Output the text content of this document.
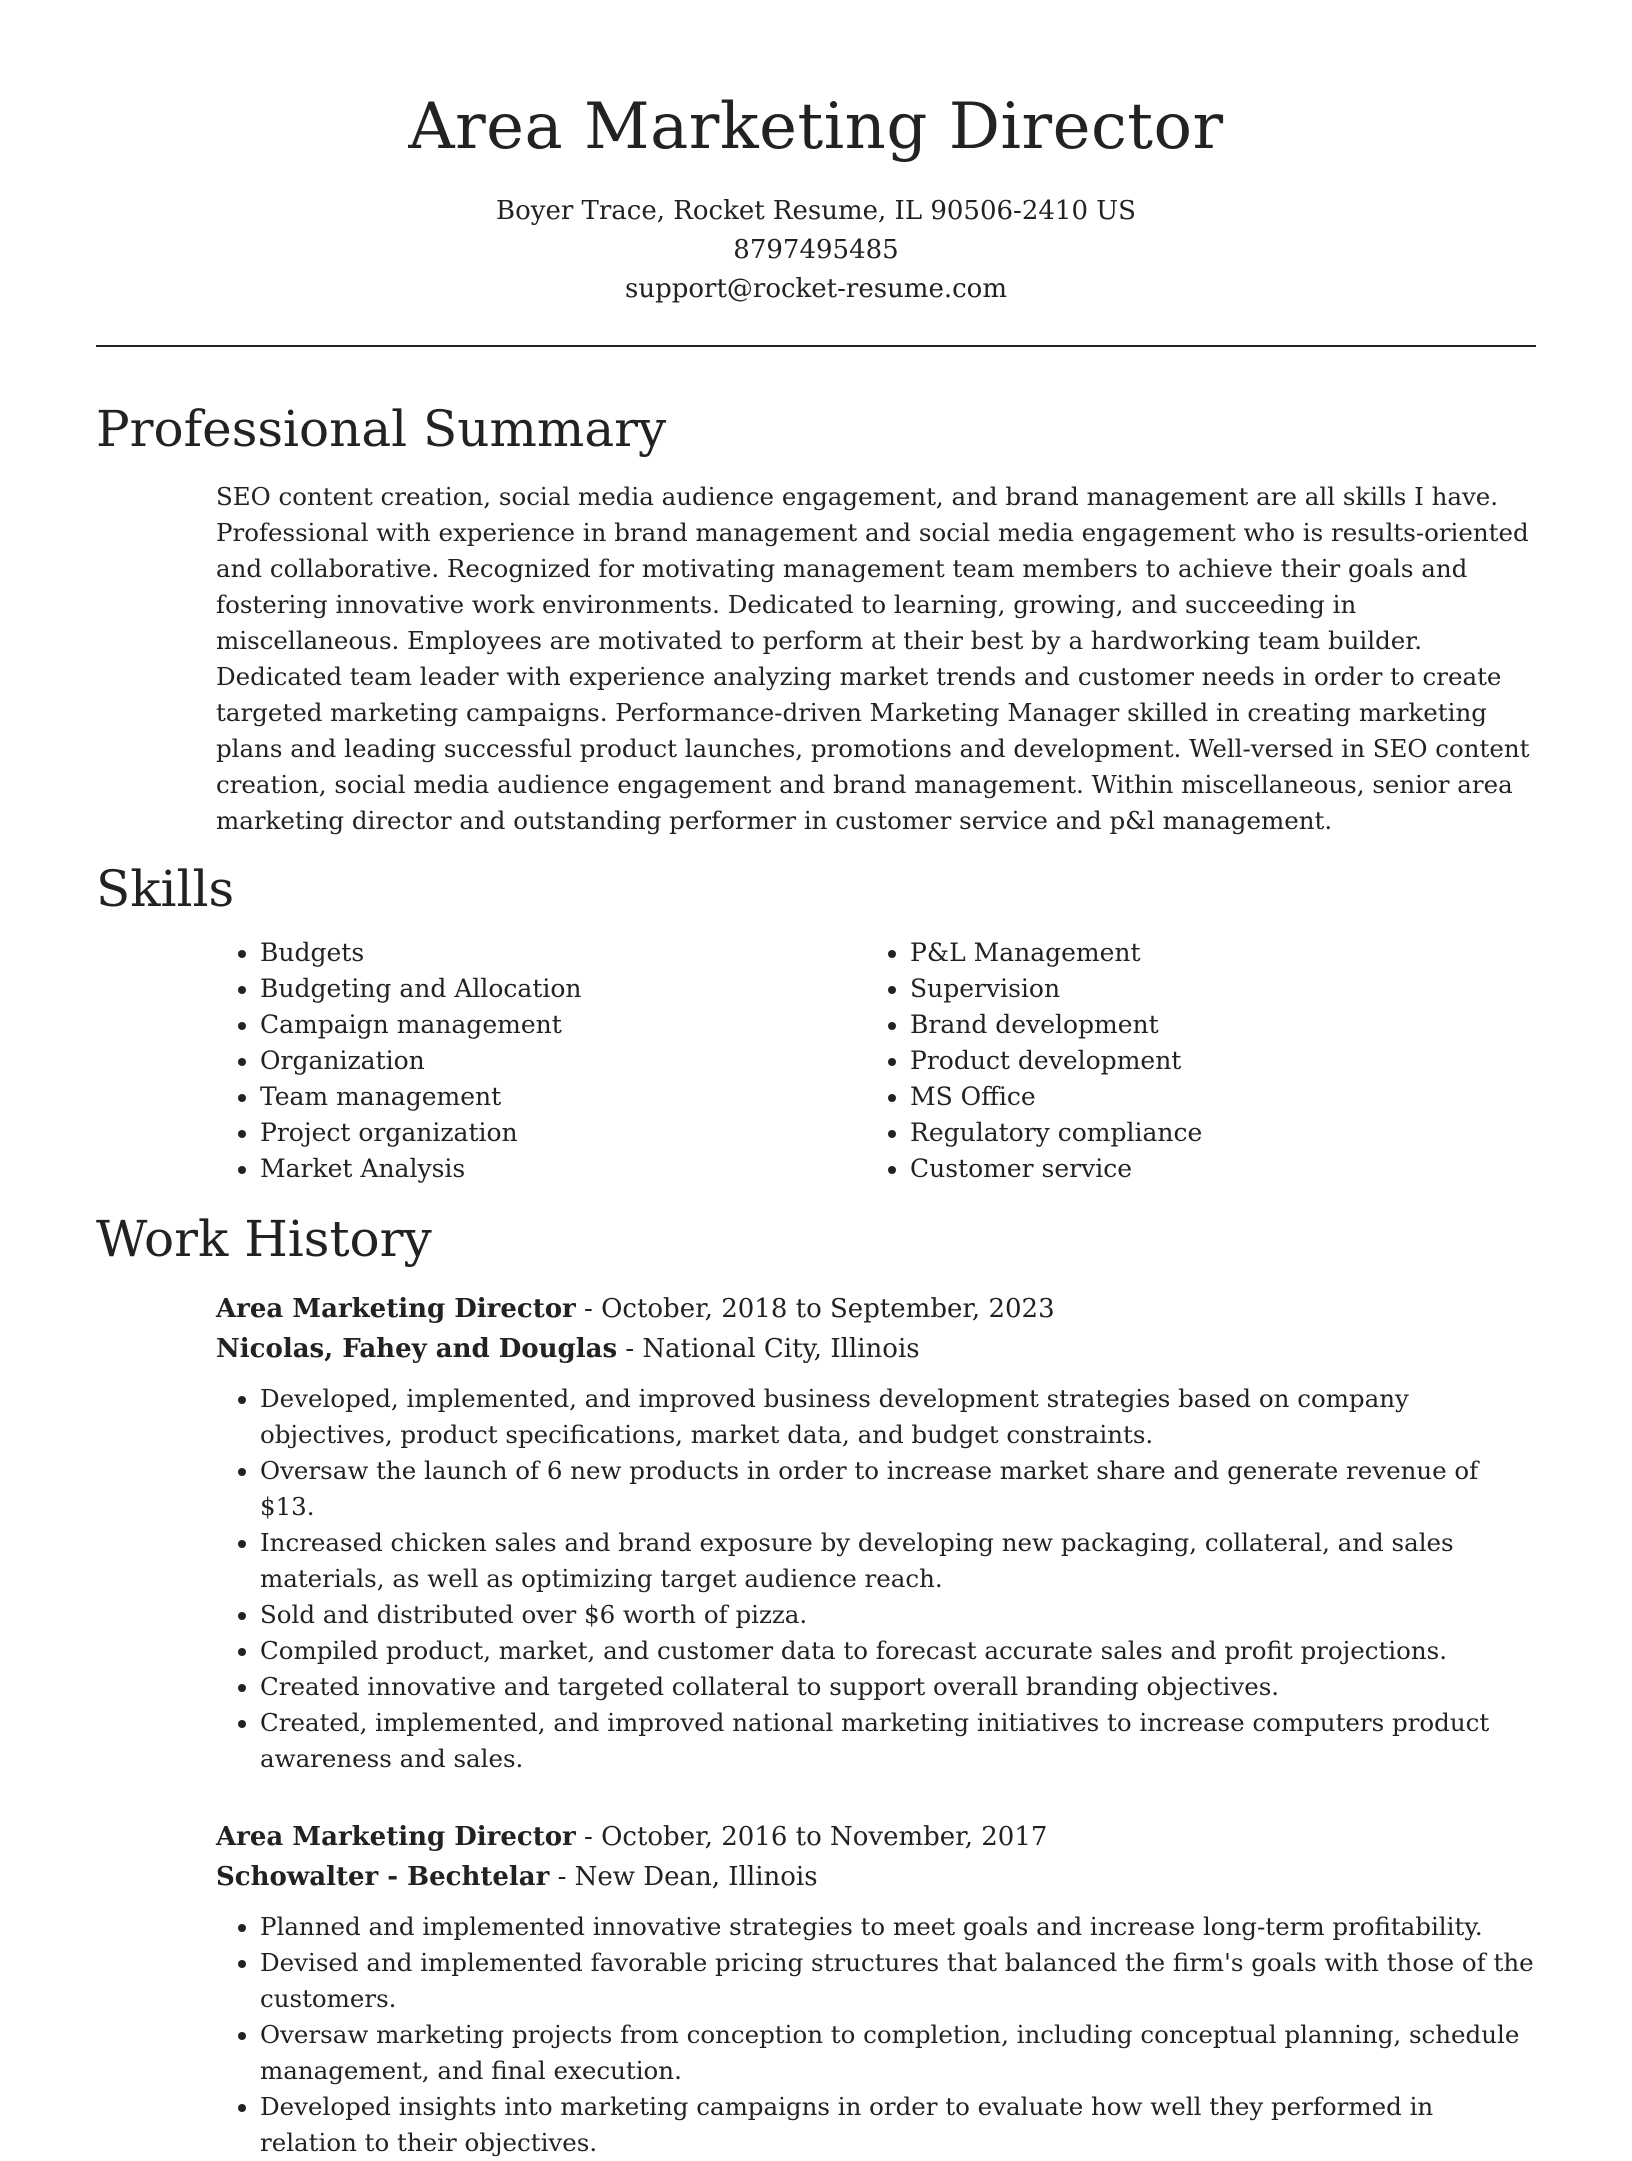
Area Marketing Director
Boyer Trace, Rocket Resume, IL 90506-2410 US
8797495485
support@rocket-resume.com
Professional Summary
SEO content creation, social media audience engagement, and brand management are all skills I have. Professional with experience in brand management and social media engagement who is results-oriented and collaborative. Recognized for motivating management team members to achieve their goals and fostering innovative work environments. Dedicated to learning, growing, and succeeding in miscellaneous. Employees are motivated to perform at their best by a hardworking team builder. Dedicated team leader with experience analyzing market trends and customer needs in order to create targeted marketing campaigns. Performance-driven Marketing Manager skilled in creating marketing plans and leading successful product launches, promotions and development. Well-versed in SEO content creation, social media audience engagement and brand management. Within miscellaneous, senior area marketing director and outstanding performer in customer service and p&l management.
Skills
• Budgets
• Budgeting and Allocation
• Campaign management
• Organization
• Team management
• Project organization
• Market Analysis
• P&L Management
• Supervision
• Brand development
• Product development
• MS Office
• Regulatory compliance
• Customer service
Work History
Area Marketing Director - October, 2018 to September, 2023
Nicolas, Fahey and Douglas - National City, Illinois
• Developed, implemented, and improved business development strategies based on company objectives, product specifications, market data, and budget constraints.
• Oversaw the launch of 6 new products in order to increase market share and generate revenue of $13.
• Increased chicken sales and brand exposure by developing new packaging, collateral, and sales materials, as well as optimizing target audience reach.
• Sold and distributed over $6 worth of pizza.
• Compiled product, market, and customer data to forecast accurate sales and profit projections.
• Created innovative and targeted collateral to support overall branding objectives.
• Created, implemented, and improved national marketing initiatives to increase computers product awareness and sales.
Area Marketing Director - October, 2016 to November, 2017
Schowalter - Bechtelar - New Dean, Illinois
• Planned and implemented innovative strategies to meet goals and increase long-term profitability.
• Devised and implemented favorable pricing structures that balanced the firm's goals with those of the customers.
• Oversaw marketing projects from conception to completion, including conceptual planning, schedule management, and final execution.
• Developed insights into marketing campaigns in order to evaluate how well they performed in relation to their objectives.
